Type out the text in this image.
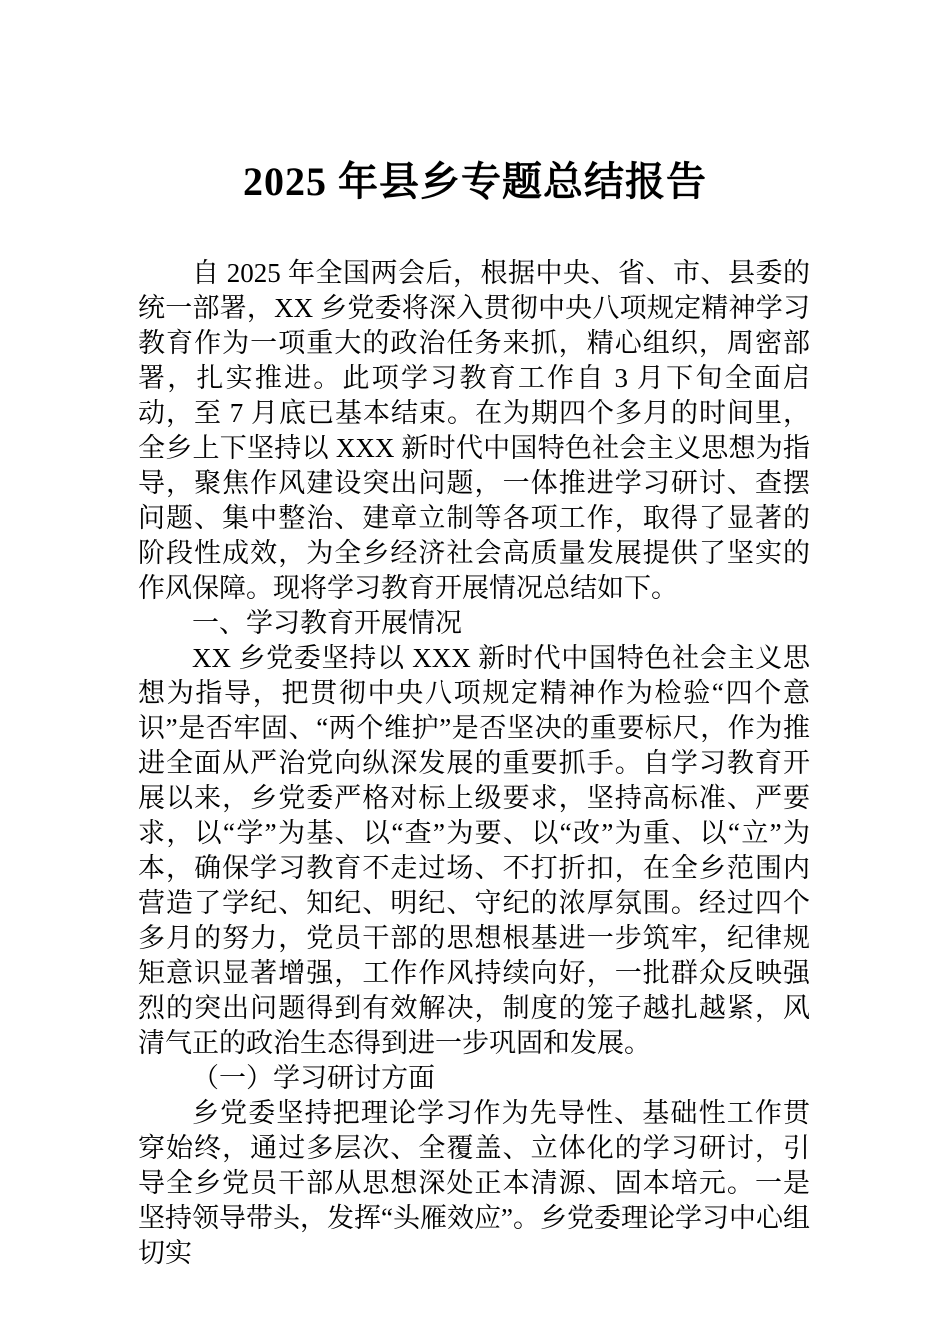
2025 年县乡专题总结报告

自 2025 年全国两会后，根据中央、省、市、县委的统一部署，XX 乡党委将深入贯彻中央八项规定精神学习教育作为一项重大的政治任务来抓，精心组织，周密部署，扎实推进。此项学习教育工作自 3 月下旬全面启动，至 7 月底已基本结束。在为期四个多月的时间里，全乡上下坚持以 XXX 新时代中国特色社会主义思想为指导，聚焦作风建设突出问题，一体推进学习研讨、查摆问题、集中整治、建章立制等各项工作，取得了显著的阶段性成效，为全乡经济社会高质量发展提供了坚实的作风保障。现将学习教育开展情况总结如下。

一、学习教育开展情况

XX 乡党委坚持以 XXX 新时代中国特色社会主义思想为指导，把贯彻中央八项规定精神作为检验“四个意识”是否牢固、“两个维护”是否坚决的重要标尺，作为推进全面从严治党向纵深发展的重要抓手。自学习教育开展以来，乡党委严格对标上级要求，坚持高标准、严要求，以“学”为基、以“查”为要、以“改”为重、以“立”为本，确保学习教育不走过场、不打折扣，在全乡范围内营造了学纪、知纪、明纪、守纪的浓厚氛围。经过四个多月的努力，党员干部的思想根基进一步筑牢，纪律规矩意识显著增强，工作作风持续向好，一批群众反映强烈的突出问题得到有效解决，制度的笼子越扎越紧，风清气正的政治生态得到进一步巩固和发展。

（一）学习研讨方面

乡党委坚持把理论学习作为先导性、基础性工作贯穿始终，通过多层次、全覆盖、立体化的学习研讨，引导全乡党员干部从思想深处正本清源、固本培元。一是坚持领导带头，发挥“头雁效应”。乡党委理论学习中心组切实
